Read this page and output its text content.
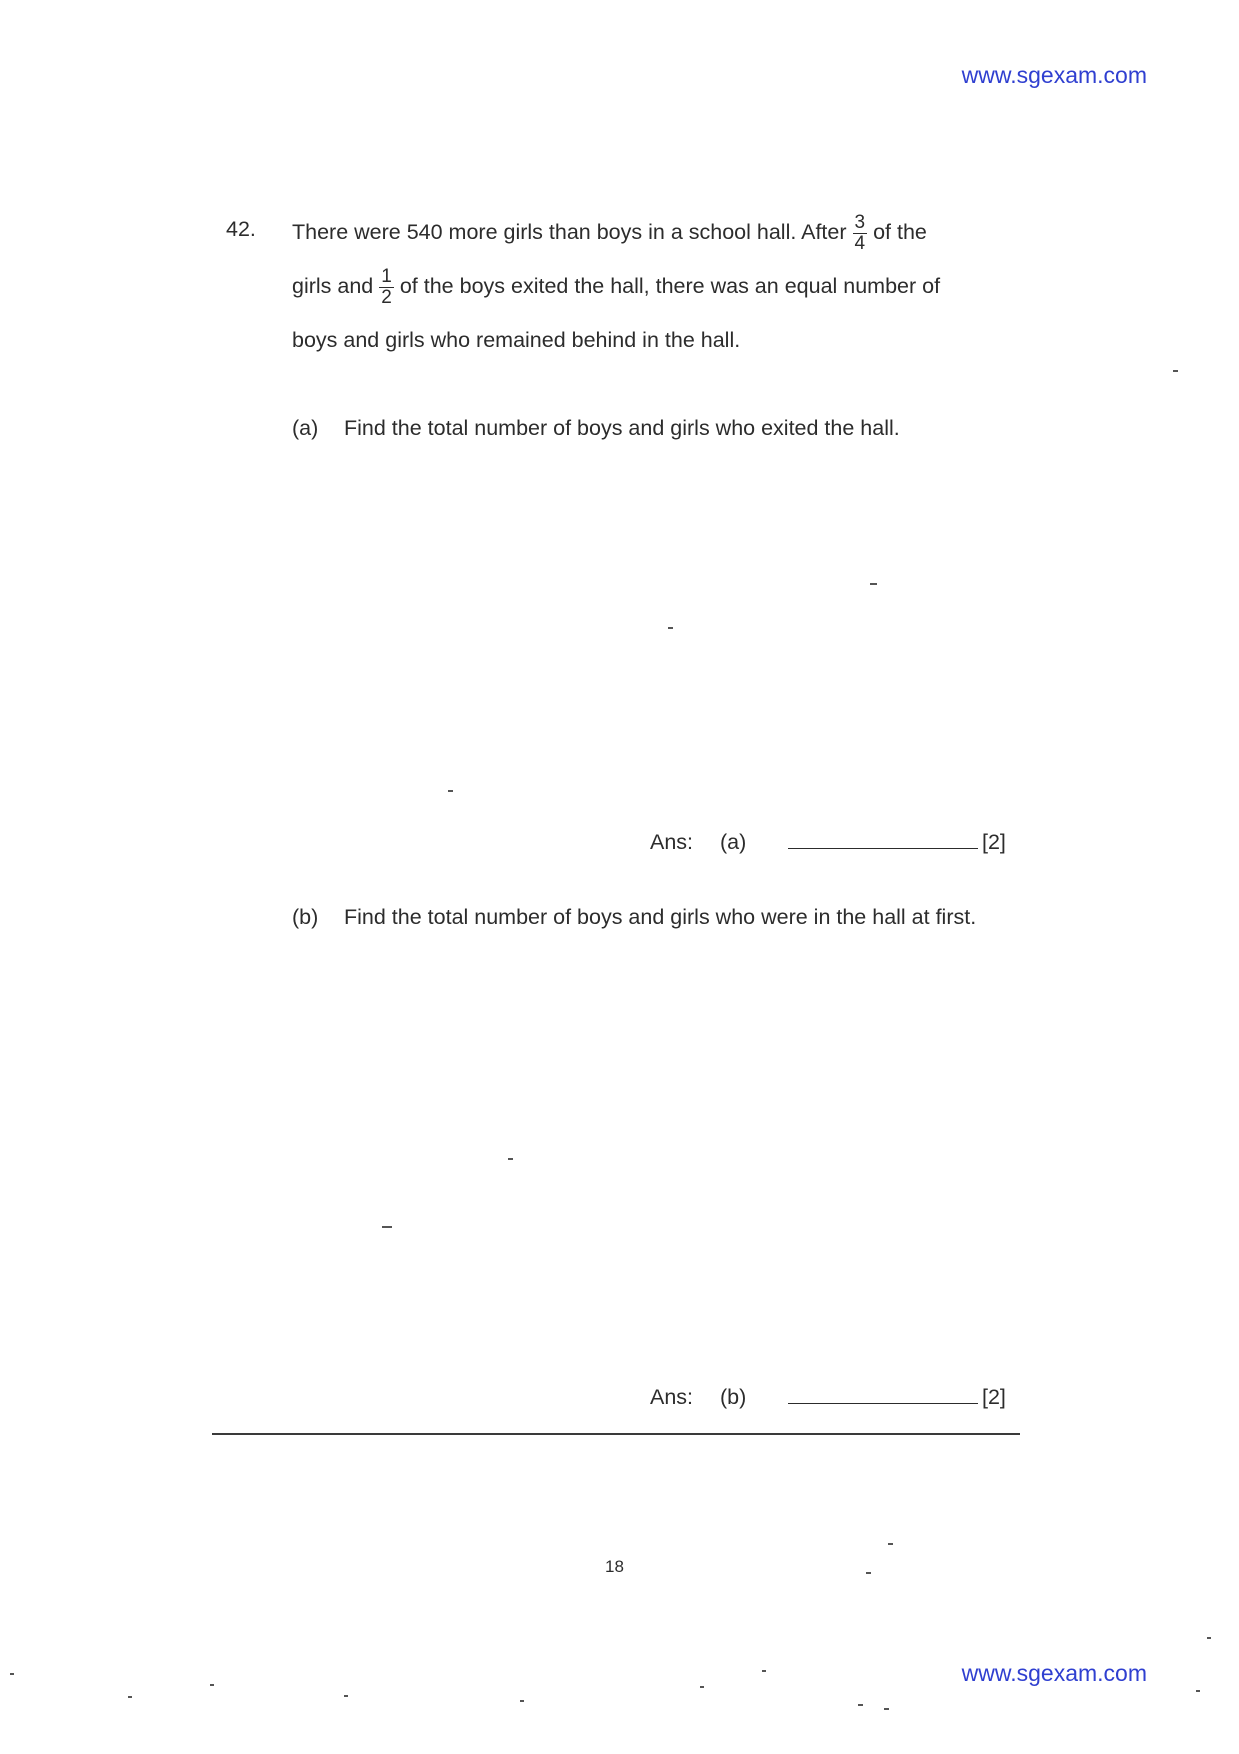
www.sgexam.com
42. There were 540 more girls than boys in a school hall. After $\frac{3}{4}$ of the
girls and $\frac{1}{2}$ of the boys exited the hall, there was an equal number of
boys and girls who remained behind in the hall.
(a) Find the total number of boys and girls who exited the hall.
Ans: (a)	[2]
(b) Find the total number of boys and girls who were in the hall at first.
Ans: (b)	[2]
18
www.sgexam.com
